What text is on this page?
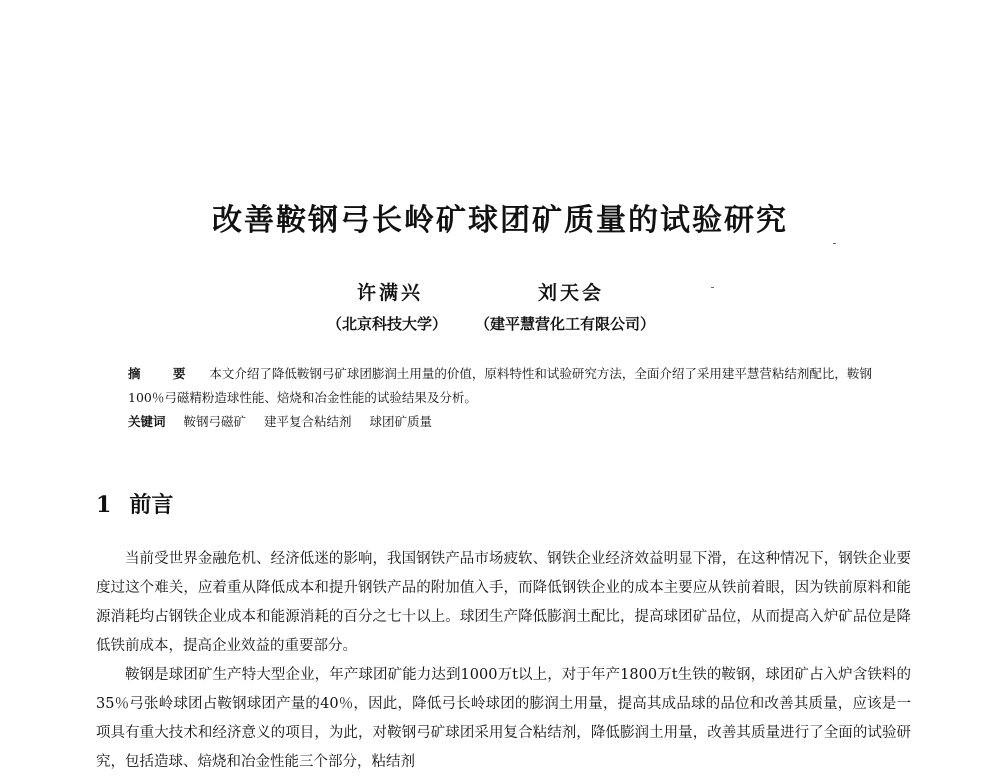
改善鞍钢弓长岭矿球团矿质量的试验研究
许满兴	刘天会
（北京科技大学） （建平慧营化工有限公司）
摘 要 本文介绍了降低鞍钢弓矿球团膨润土用量的价值，原料特性和试验研究方法，全面介绍了采用建平慧营粘结剂配比，鞍钢100％弓磁精粉造球性能、焙烧和冶金性能的试验结果及分析。
关键词 鞍钢弓磁矿 建平复合粘结剂 球团矿质量
1 前言

当前受世界金融危机、经济低迷的影响，我国钢铁产品市场疲软、钢铁企业经济效益明显下滑，在这种情况下，钢铁企业要度过这个难关，应着重从降低成本和提升钢铁产品的附加值入手，而降低钢铁企业的成本主要应从铁前着眼，因为铁前原料和能源消耗均占钢铁企业成本和能源消耗的百分之七十以上。球团生产降低膨润土配比，提高球团矿品位，从而提高入炉矿品位是降低铁前成本，提高企业效益的重要部分。

鞍钢是球团矿生产特大型企业，年产球团矿能力达到1000万t以上，对于年产1800万t生铁的鞍钢，球团矿占入炉含铁料的35％弓张岭球团占鞍钢球团产量的40％，因此，降低弓长岭球团的膨润土用量，提高其成品球的品位和改善其质量，应该是一项具有重大技术和经济意义的项目，为此，对鞍钢弓矿球团采用复合粘结剂，降低膨润土用量，改善其质量进行了全面的试验研究，包括造球、焙烧和冶金性能三个部分，粘结剂
